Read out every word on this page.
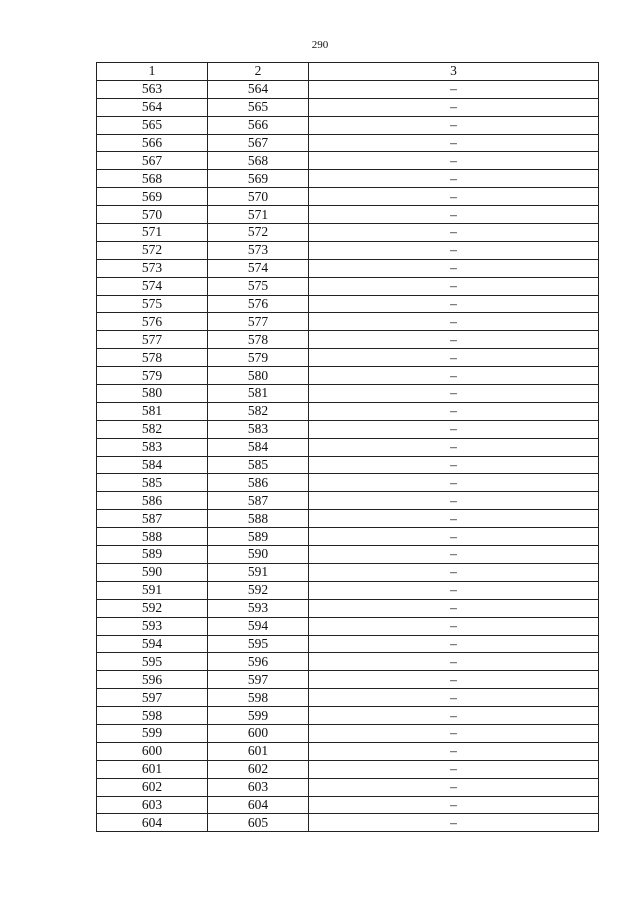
290
1	2	3
563	564	–
564	565	–
565	566	–
566	567	–
567	568	–
568	569	–
569	570	–
570	571	–
571	572	–
572	573	–
573	574	–
574	575	–
575	576	–
576	577	–
577	578	–
578	579	–
579	580	–
580	581	–
581	582	–
582	583	–
583	584	–
584	585	–
585	586	–
586	587	–
587	588	–
588	589	–
589	590	–
590	591	–
591	592	–
592	593	–
593	594	–
594	595	–
595	596	–
596	597	–
597	598	–
598	599	–
599	600	–
600	601	–
601	602	–
602	603	–
603	604	–
604	605	–
